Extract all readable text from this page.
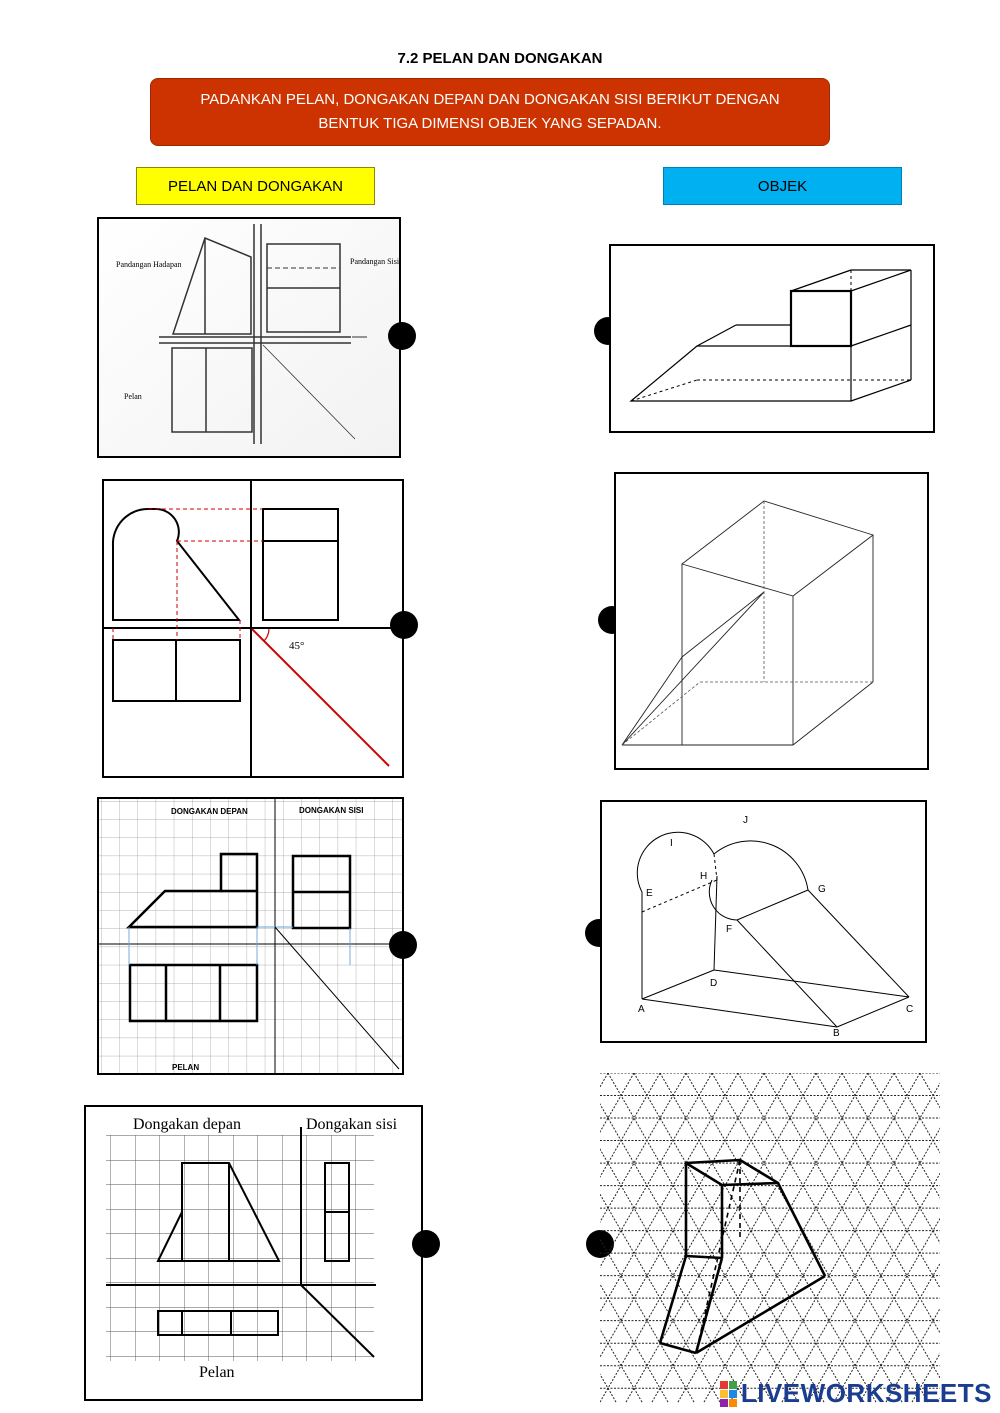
7.2 PELAN DAN DONGAKAN
PADANKAN PELAN, DONGAKAN DEPAN DAN DONGAKAN SISI BERIKUT DENGAN BENTUK TIGA DIMENSI OBJEK YANG SEPADAN.
PELAN DAN DONGAKAN	OBJEK
Pandangan Hadapan	Pandangan Sisi
Pelan
45°
DONGAKAN DEPAN	DONGAKAN SISI
PELAN
Dongakan depan	Dongakan sisi
Pelan
A
B
C
D
E
F
G
H
I
J
LIVEWORKSHEETS
